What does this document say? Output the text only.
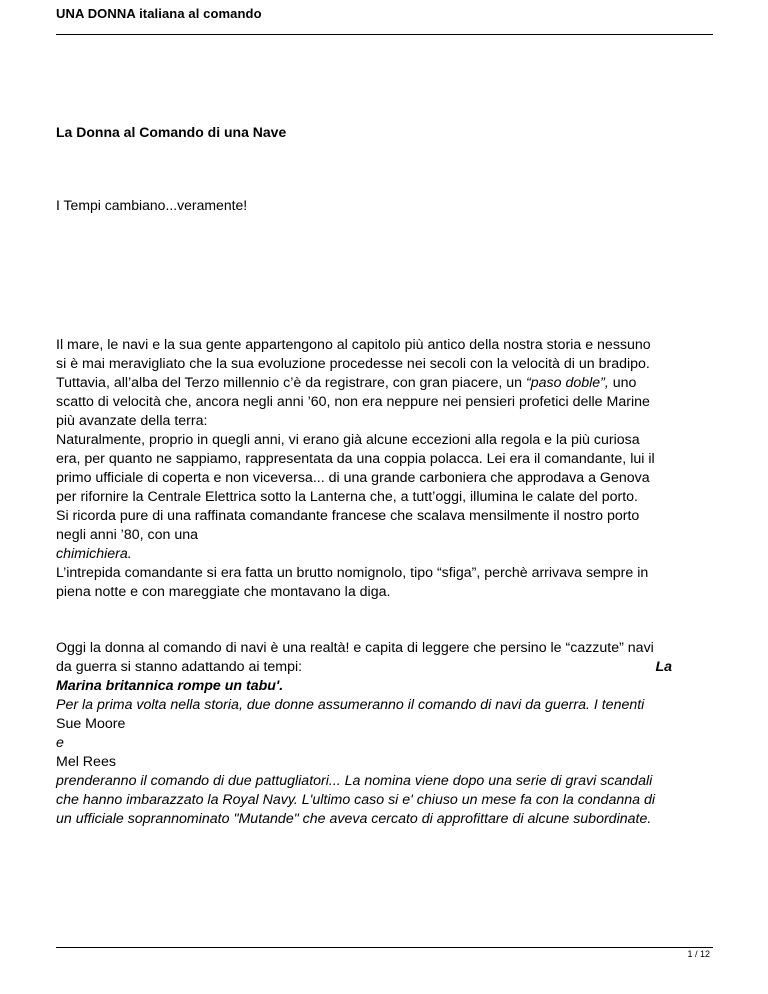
UNA DONNA italiana al comando
La Donna al Comando di una Nave
I Tempi cambiano...veramente!
Il mare, le navi e la sua gente appartengono al capitolo più antico della nostra storia e nessuno
si è mai meravigliato che la sua evoluzione procedesse nei secoli con la velocità di un bradipo.
Tuttavia, all’alba del Terzo millennio c’è da registrare, con gran piacere, un “paso doble”, uno
scatto di velocità che, ancora negli anni ’60, non era neppure nei pensieri profetici delle Marine
più avanzate della terra:
Naturalmente, proprio in quegli anni, vi erano già alcune eccezioni alla regola e la più curiosa
era, per quanto ne sappiamo, rappresentata da una coppia polacca. Lei era il comandante, lui il
primo ufficiale di coperta e non viceversa... di una grande carboniera che approdava a Genova
per rifornire la Centrale Elettrica sotto la Lanterna che, a tutt’oggi, illumina le calate del porto.
Si ricorda pure di una raffinata comandante francese che scalava mensilmente il nostro porto
negli anni ’80, con una
chimichiera.
L’intrepida comandante si era fatta un brutto nomignolo, tipo “sfiga”, perchè arrivava sempre in
piena notte e con mareggiate che montavano la diga.
Oggi la donna al comando di navi è una realtà! e capita di leggere che persino le “cazzute” navi
da guerra si stanno adattando ai tempi:	La
Marina britannica rompe un tabu'.
Per la prima volta nella storia, due donne assumeranno il comando di navi da guerra. I tenenti
Sue Moore
e
Mel Rees
prenderanno il comando di due pattugliatori... La nomina viene dopo una serie di gravi scandali
che hanno imbarazzato la Royal Navy. L'ultimo caso si e' chiuso un mese fa con la condanna di
un ufficiale soprannominato "Mutande" che aveva cercato di approfittare di alcune subordinate.
1 / 12
